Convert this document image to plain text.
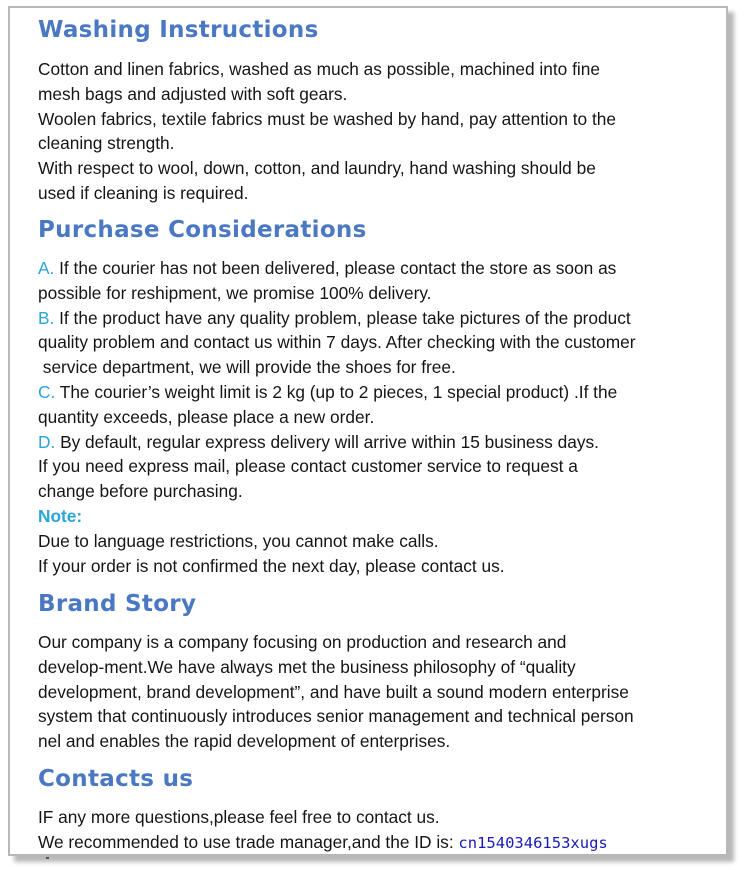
Washing Instructions
Cotton and linen fabrics, washed as much as possible, machined into fine
mesh bags and adjusted with soft gears.
Woolen fabrics, textile fabrics must be washed by hand, pay attention to the
cleaning strength.
With respect to wool, down, cotton, and laundry, hand washing should be
used if cleaning is required.
Purchase Considerations
A. If the courier has not been delivered, please contact the store as soon as
possible for reshipment, we promise 100% delivery.
B. If the product have any quality problem, please take pictures of the product
quality problem and contact us within 7 days. After checking with the customer
service department, we will provide the shoes for free.
C. The courier’s weight limit is 2 kg (up to 2 pieces, 1 special product) .If the
quantity exceeds, please place a new order.
D. By default, regular express delivery will arrive within 15 business days.
If you need express mail, please contact customer service to request a
change before purchasing.
Note:
Due to language restrictions, you cannot make calls.
If your order is not confirmed the next day, please contact us.
Brand Story
Our company is a company focusing on production and research and
develop-ment.We have always met the business philosophy of “quality
development, brand development”, and have built a sound modern enterprise
system that continuously introduces senior management and technical person
nel and enables the rapid development of enterprises.
Contacts us
IF any more questions,please feel free to contact us.
We recommended to use trade manager,and the ID is: cn1540346153xugs
